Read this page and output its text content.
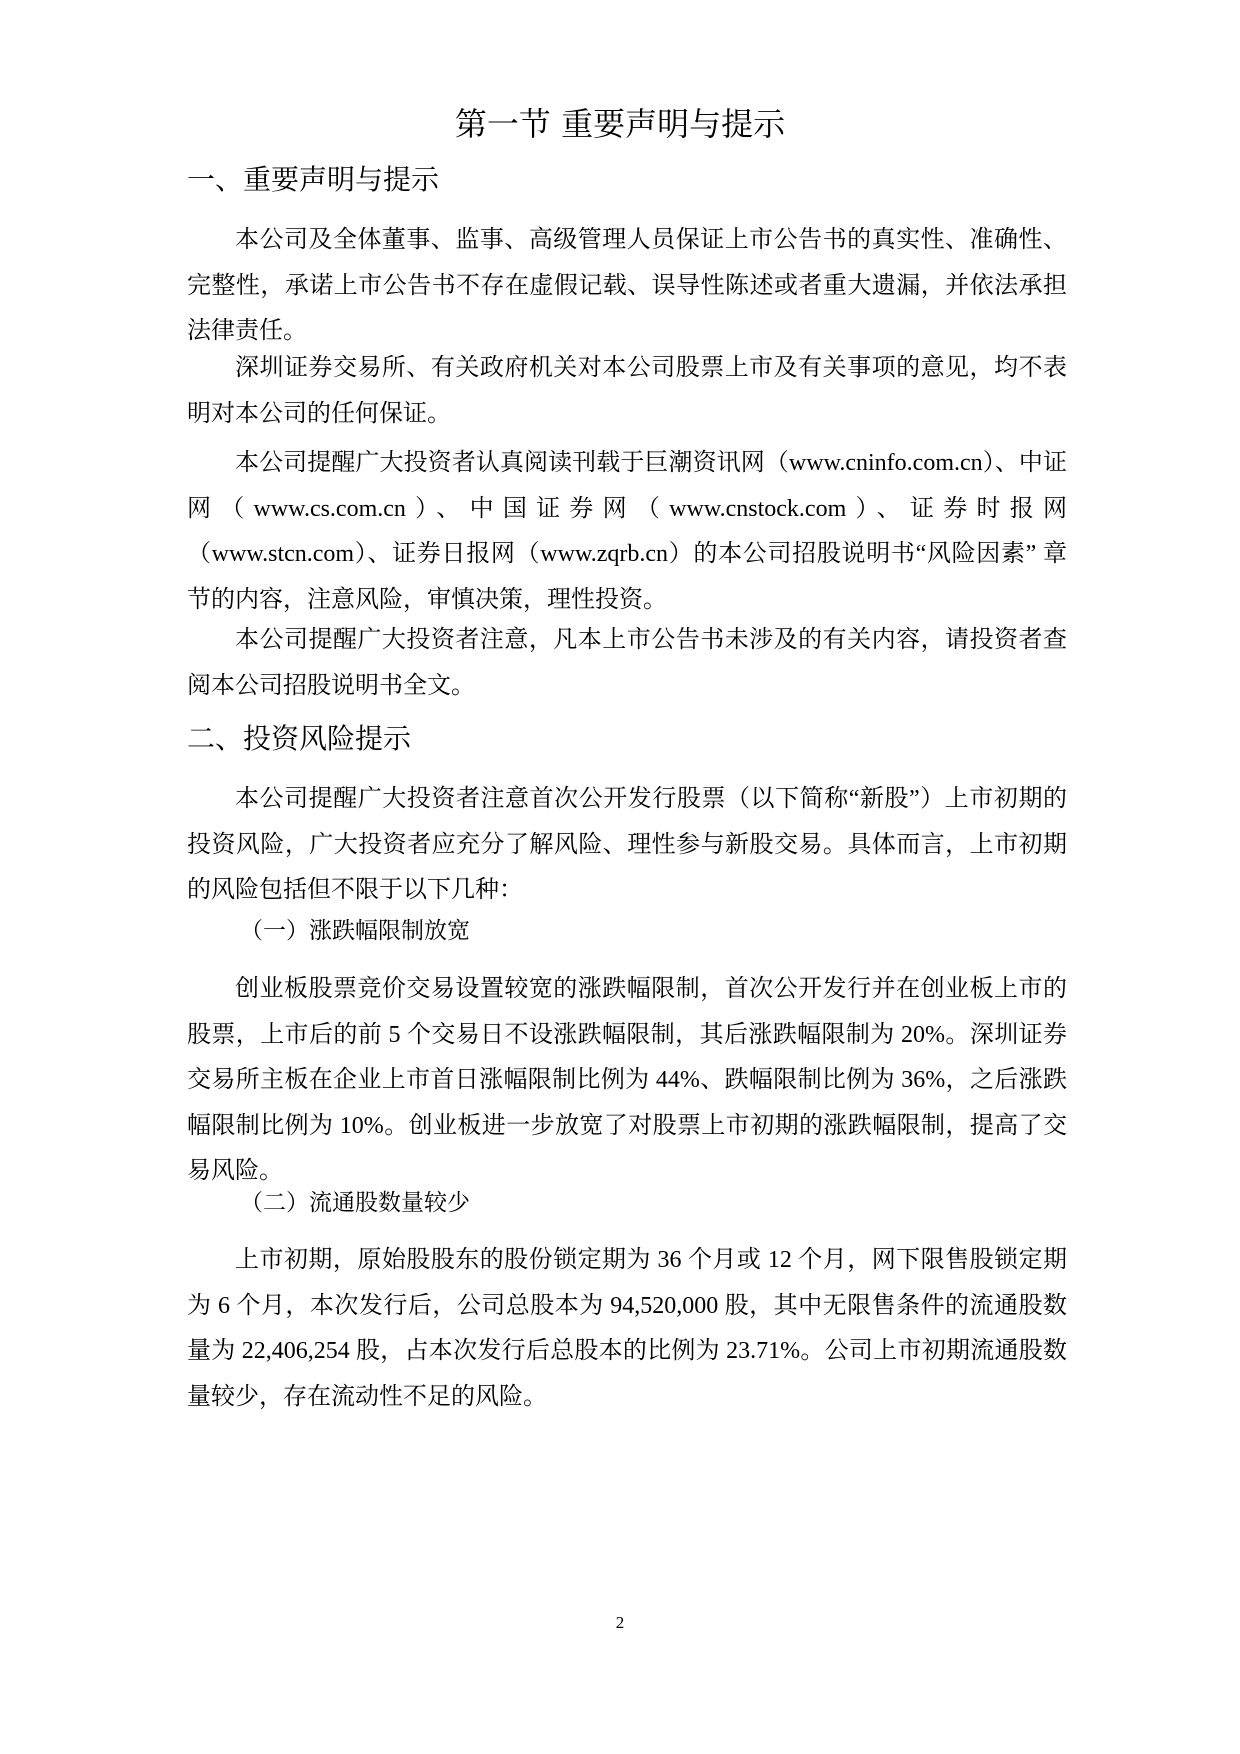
第一节 重要声明与提示
一、重要声明与提示

本公司及全体董事、监事、高级管理人员保证上市公告书的真实性、准确性、完整性，承诺上市公告书不存在虚假记载、误导性陈述或者重大遗漏，并依法承担法律责任。

深圳证券交易所、有关政府机关对本公司股票上市及有关事项的意见，均不表明对本公司的任何保证。

本公司提醒广大投资者认真阅读刊载于巨潮资讯网（www.cninfo.com.cn）、中证网（www.cs.com.cn）、中国证券网（www.cnstock.com）、证券时报网（www.stcn.com）、证券日报网（www.zqrb.cn）的本公司招股说明书“风险因素” 章节的内容，注意风险，审慎决策，理性投资。

本公司提醒广大投资者注意，凡本上市公告书未涉及的有关内容，请投资者查阅本公司招股说明书全文。

二、投资风险提示

本公司提醒广大投资者注意首次公开发行股票（以下简称“新股”）上市初期的投资风险，广大投资者应充分了解风险、理性参与新股交易。具体而言，上市初期的风险包括但不限于以下几种：

（一）涨跌幅限制放宽

创业板股票竞价交易设置较宽的涨跌幅限制，首次公开发行并在创业板上市的股票，上市后的前 5 个交易日不设涨跌幅限制，其后涨跌幅限制为 20%。深圳证券交易所主板在企业上市首日涨幅限制比例为 44%、跌幅限制比例为 36%，之后涨跌幅限制比例为 10%。创业板进一步放宽了对股票上市初期的涨跌幅限制，提高了交易风险。

（二）流通股数量较少

上市初期，原始股股东的股份锁定期为 36 个月或 12 个月，网下限售股锁定期为 6 个月，本次发行后，公司总股本为 94,520,000 股，其中无限售条件的流通股数量为 22,406,254 股，占本次发行后总股本的比例为 23.71%。公司上市初期流通股数量较少，存在流动性不足的风险。

2
